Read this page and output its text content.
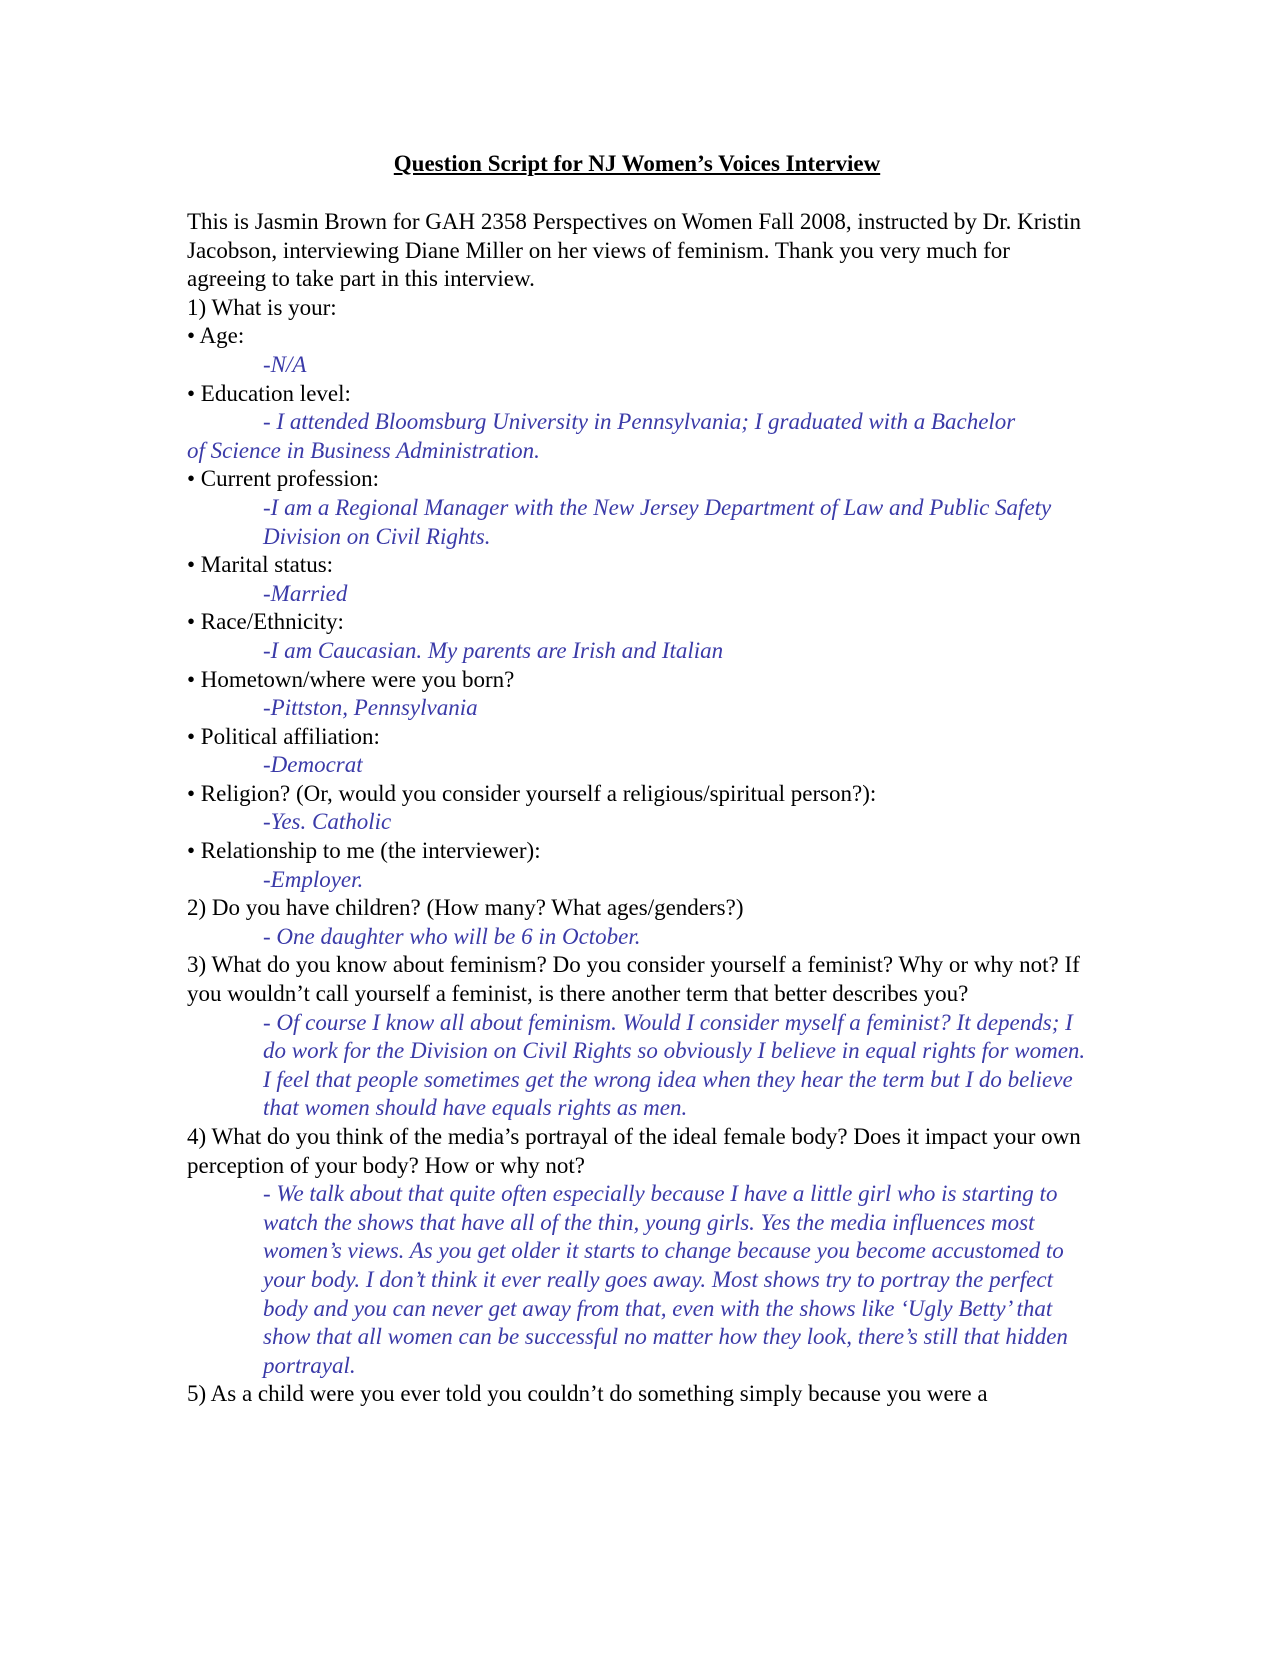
Question Script for NJ Women’s Voices Interview

This is Jasmin Brown for GAH 2358 Perspectives on Women Fall 2008, instructed by Dr. Kristin Jacobson, interviewing Diane Miller on her views of feminism. Thank you very much for agreeing to take part in this interview.

1) What is your:

• Age:

-N/A

• Education level:

- I attended Bloomsburg University in Pennsylvania; I graduated with a Bachelor

of Science in Business Administration.

• Current profession:

-I am a Regional Manager with the New Jersey Department of Law and Public Safety Division on Civil Rights.

• Marital status:

-Married

• Race/Ethnicity:

-I am Caucasian. My parents are Irish and Italian

• Hometown/where were you born?

-Pittston, Pennsylvania

• Political affiliation:

-Democrat

• Religion? (Or, would you consider yourself a religious/spiritual person?):

-Yes. Catholic

• Relationship to me (the interviewer):

-Employer.

2) Do you have children? (How many? What ages/genders?)

- One daughter who will be 6 in October.

3) What do you know about feminism? Do you consider yourself a feminist? Why or why not? If you wouldn’t call yourself a feminist, is there another term that better describes you?

- Of course I know all about feminism. Would I consider myself a feminist? It depends; I do work for the Division on Civil Rights so obviously I believe in equal rights for women. I feel that people sometimes get the wrong idea when they hear the term but I do believe that women should have equals rights as men.

4) What do you think of the media’s portrayal of the ideal female body? Does it impact your own perception of your body? How or why not?

- We talk about that quite often especially because I have a little girl who is starting to watch the shows that have all of the thin, young girls. Yes the media influences most women’s views. As you get older it starts to change because you become accustomed to your body. I don’t think it ever really goes away. Most shows try to portray the perfect body and you can never get away from that, even with the shows like ‘Ugly Betty’ that show that all women can be successful no matter how they look, there’s still that hidden portrayal.

5) As a child were you ever told you couldn’t do something simply because you were a
